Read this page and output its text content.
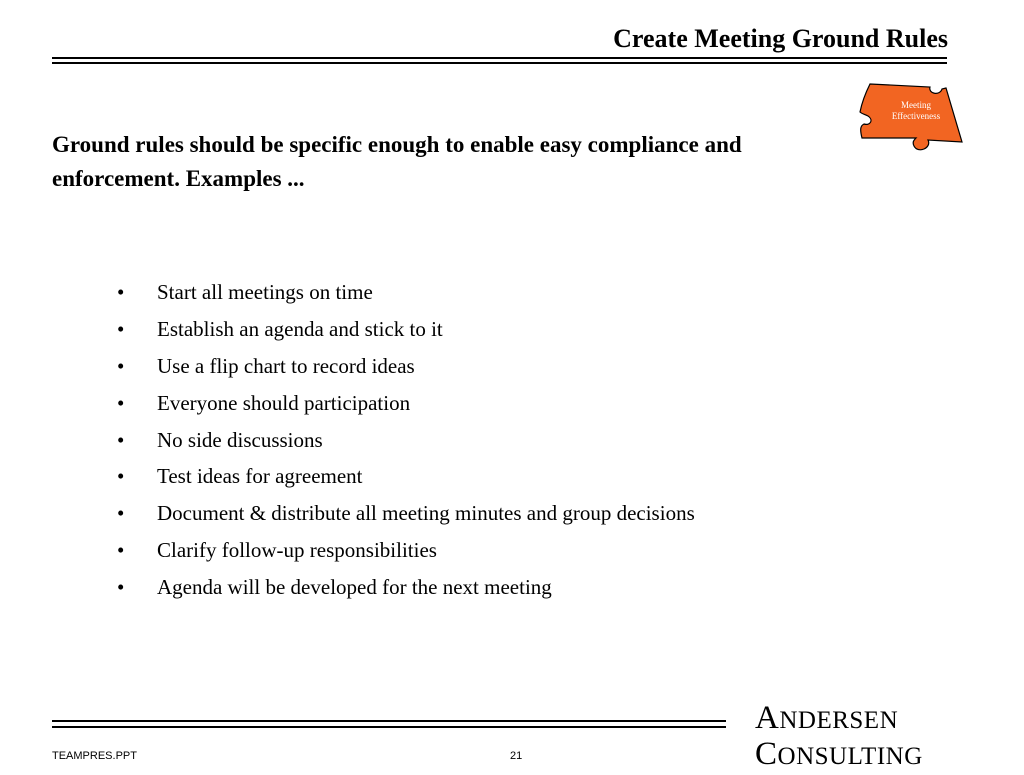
Create Meeting Ground Rules
Meeting
Effectiveness
Ground rules should be specific enough to enable easy compliance and enforcement. Examples ...
•	Start all meetings on time
•	Establish an agenda and stick to it
•	Use a flip chart to record ideas
•	Everyone should participation
•	No side discussions
•	Test ideas for agreement
•	Document & distribute all meeting minutes and group decisions
•	Clarify follow-up responsibilities
•	Agenda will be developed for the next meeting
TEAMPRES.PPT	21
ANDERSEN
CONSULTING
